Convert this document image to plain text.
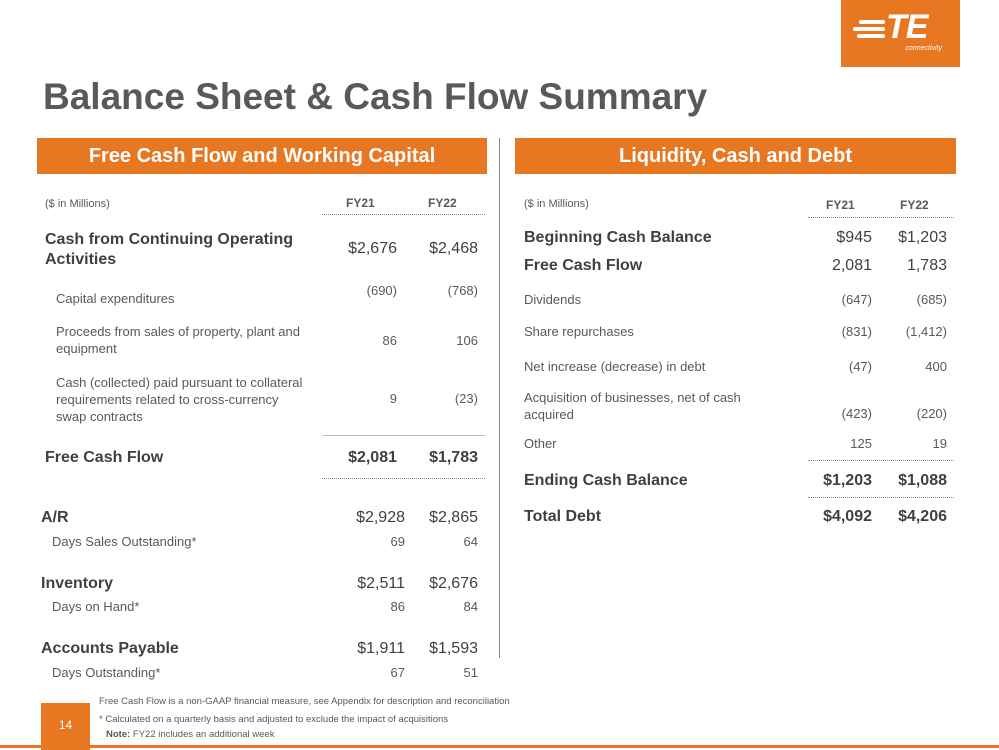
TE
connectivity
Balance Sheet & Cash Flow Summary
Free Cash Flow and Working Capital	Liquidity, Cash and Debt
($ in Millions)	FY21	FY22
Cash from Continuing Operating Activities
$2,676	$2,468
Capital expenditures
(690)	(768)
Proceeds from sales of property, plant and equipment
86	106
Cash (collected) paid pursuant to collateral requirements related to cross-currency swap contracts
9	(23)
Free Cash Flow	$2,081	$1,783
A/R	$2,928	$2,865
Days Sales Outstanding*	69	64
Inventory	$2,511	$2,676
Days on Hand*	86	84
Accounts Payable	$1,911	$1,593
Days Outstanding*	67	51
($ in Millions)	FY21	FY22
Beginning Cash Balance	$945	$1,203
Free Cash Flow	2,081	1,783
Dividends	(647)	(685)
Share repurchases	(831)	(1,412)
Net increase (decrease) in debt	(47)	400
Acquisition of businesses, net of cash acquired	(423)	(220)
Other	125	19
Ending Cash Balance	$1,203	$1,088
Total Debt	$4,092	$4,206
14
Free Cash Flow is a non-GAAP financial measure, see Appendix for description and reconciliation
* Calculated on a quarterly basis and adjusted to exclude the impact of acquisitions
Note: FY22 includes an additional week
